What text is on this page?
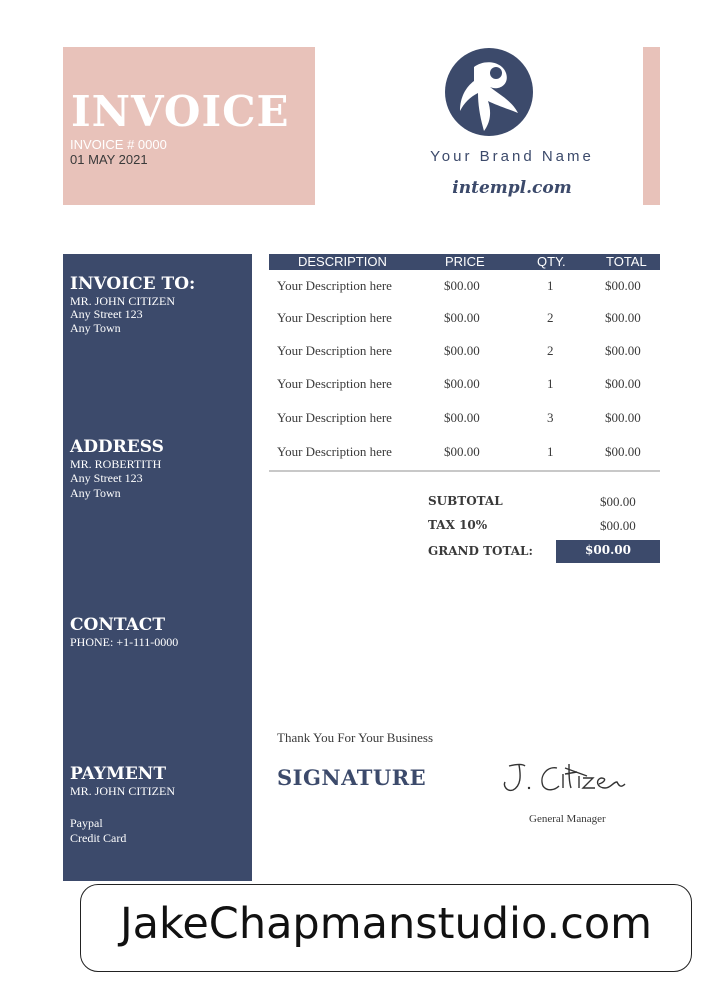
INVOICE
INVOICE # 0000
01 MAY 2021	Your Brand Name
intempl.com
INVOICE TO:
MR. JOHN CITIZEN
Any Street 123
Any Town
ADDRESS
MR. ROBERTITH
Any Street 123
Any Town
CONTACT
PHONE: +1-111-0000
PAYMENT
MR. JOHN CITIZEN
Paypal
Credit Card
DESCRIPTION	PRICE	QTY.	TOTAL
Your Description here	$00.00	1	$00.00
Your Description here	$00.00	2	$00.00
Your Description here	$00.00	2	$00.00
Your Description here	$00.00	1	$00.00
Your Description here	$00.00	3	$00.00
Your Description here	$00.00	1	$00.00
SUBTOTAL	$00.00
TAX 10%	$00.00
GRAND TOTAL:	$00.00
Thank You For Your Business
SIGNATURE
General Manager
JakeChapmanstudio.com
